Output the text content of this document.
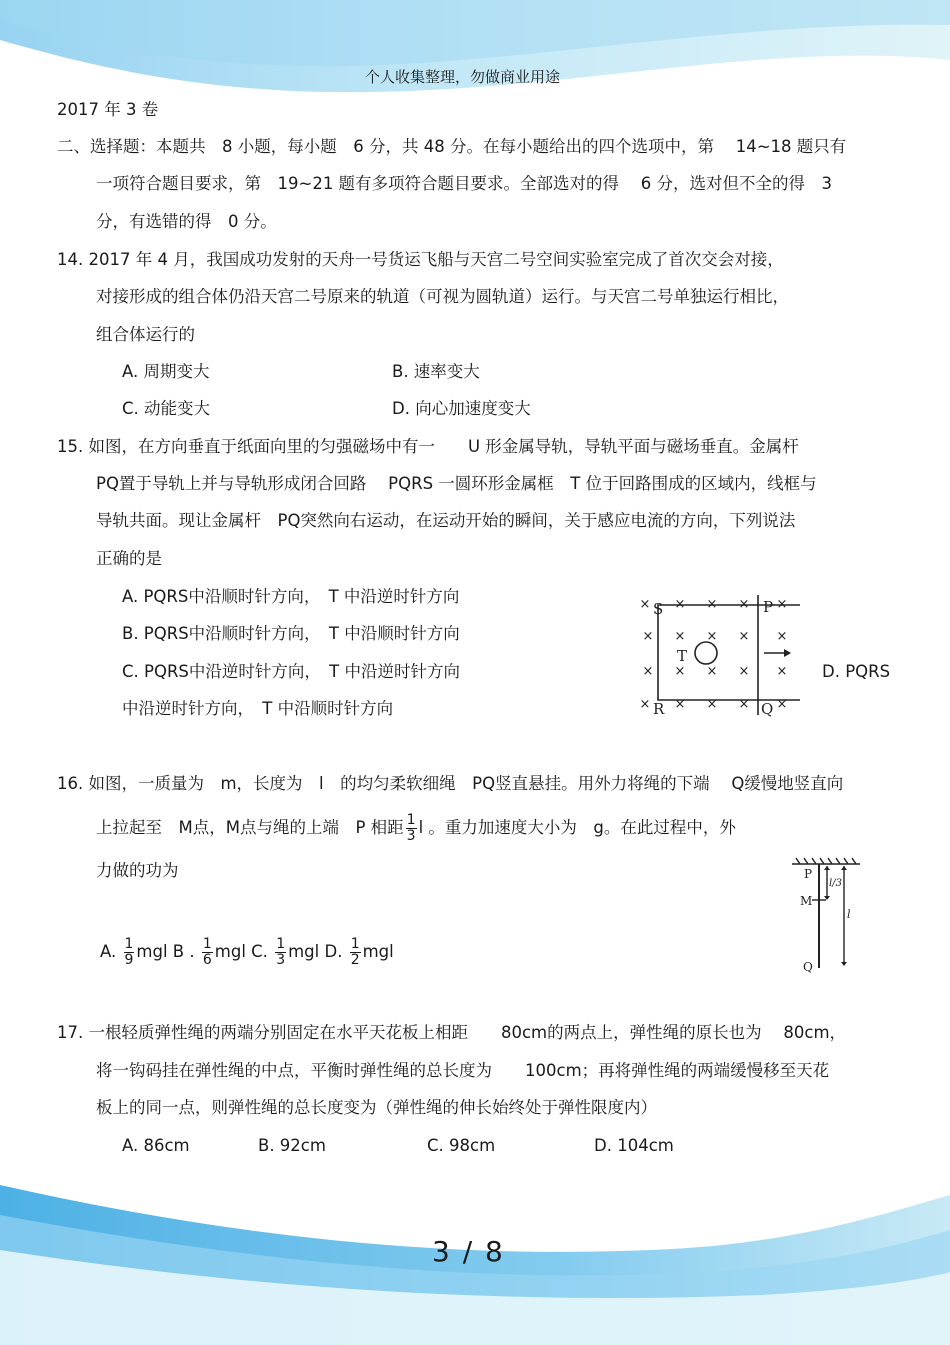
个人收集整理，勿做商业用途
2017 年 3 卷
二、选择题：本题共　8 小题，每小题　6 分，共 48 分。在每小题给出的四个选项中，第　 14~18 题只有
一项符合题目要求，第　19~21 题有多项符合题目要求。全部选对的得　 6 分，选对但不全的得　3
分，有选错的得　0 分。
14. 2017 年 4 月，我国成功发射的天舟一号货运飞船与天宫二号空间实验室完成了首次交会对接，
对接形成的组合体仍沿天宫二号原来的轨道（可视为圆轨道）运行。与天宫二号单独运行相比，
组合体运行的
A. 周期变大	B. 速率变大
C. 动能变大	D. 向心加速度变大
15. 如图，在方向垂直于纸面向里的匀强磁场中有一　　U 形金属导轨，导轨平面与磁场垂直。金属杆
PQ置于导轨上并与导轨形成闭合回路　 PQRS 一圆环形金属框　T 位于回路围成的区域内，线框与
导轨共面。现让金属杆　PQ突然向右运动，在运动开始的瞬间，关于感应电流的方向，下列说法
正确的是
A. PQRS中沿顺时针方向，　T 中沿逆时针方向
B. PQRS中沿顺时针方向，　T 中沿顺时针方向
C. PQRS中沿逆时针方向，　T 中沿逆时针方向	D. PQRS
中沿逆时针方向，　T 中沿顺时针方向
× × × × ×
× × × × ×
× × × × ×
× × × × ×
S	P
T
R	Q
16. 如图，一质量为　m，长度为　l　的均匀柔软细绳　PQ竖直悬挂。用外力将绳的下端　 Q缓慢地竖直向
上拉起至　M点，M点与绳的上端　P 相距 $\frac{1}{3}$ l 。重力加速度大小为　g。在此过程中，外
力做的功为
A. $\frac{1}{9}$ mgl B . $\frac{1}{6}$ mgl C. $\frac{1}{3}$ mgl D. $\frac{1}{2}$ mgl
P
M
Q
l/3
l
17. 一根轻质弹性绳的两端分别固定在水平天花板上相距　　80cm的两点上，弹性绳的原长也为　 80cm，
将一钩码挂在弹性绳的中点，平衡时弹性绳的总长度为　　100cm；再将弹性绳的两端缓慢移至天花
板上的同一点，则弹性绳的总长度变为（弹性绳的伸长始终处于弹性限度内）
A. 86cm	B. 92cm	C. 98cm	D. 104cm
3 / 8
